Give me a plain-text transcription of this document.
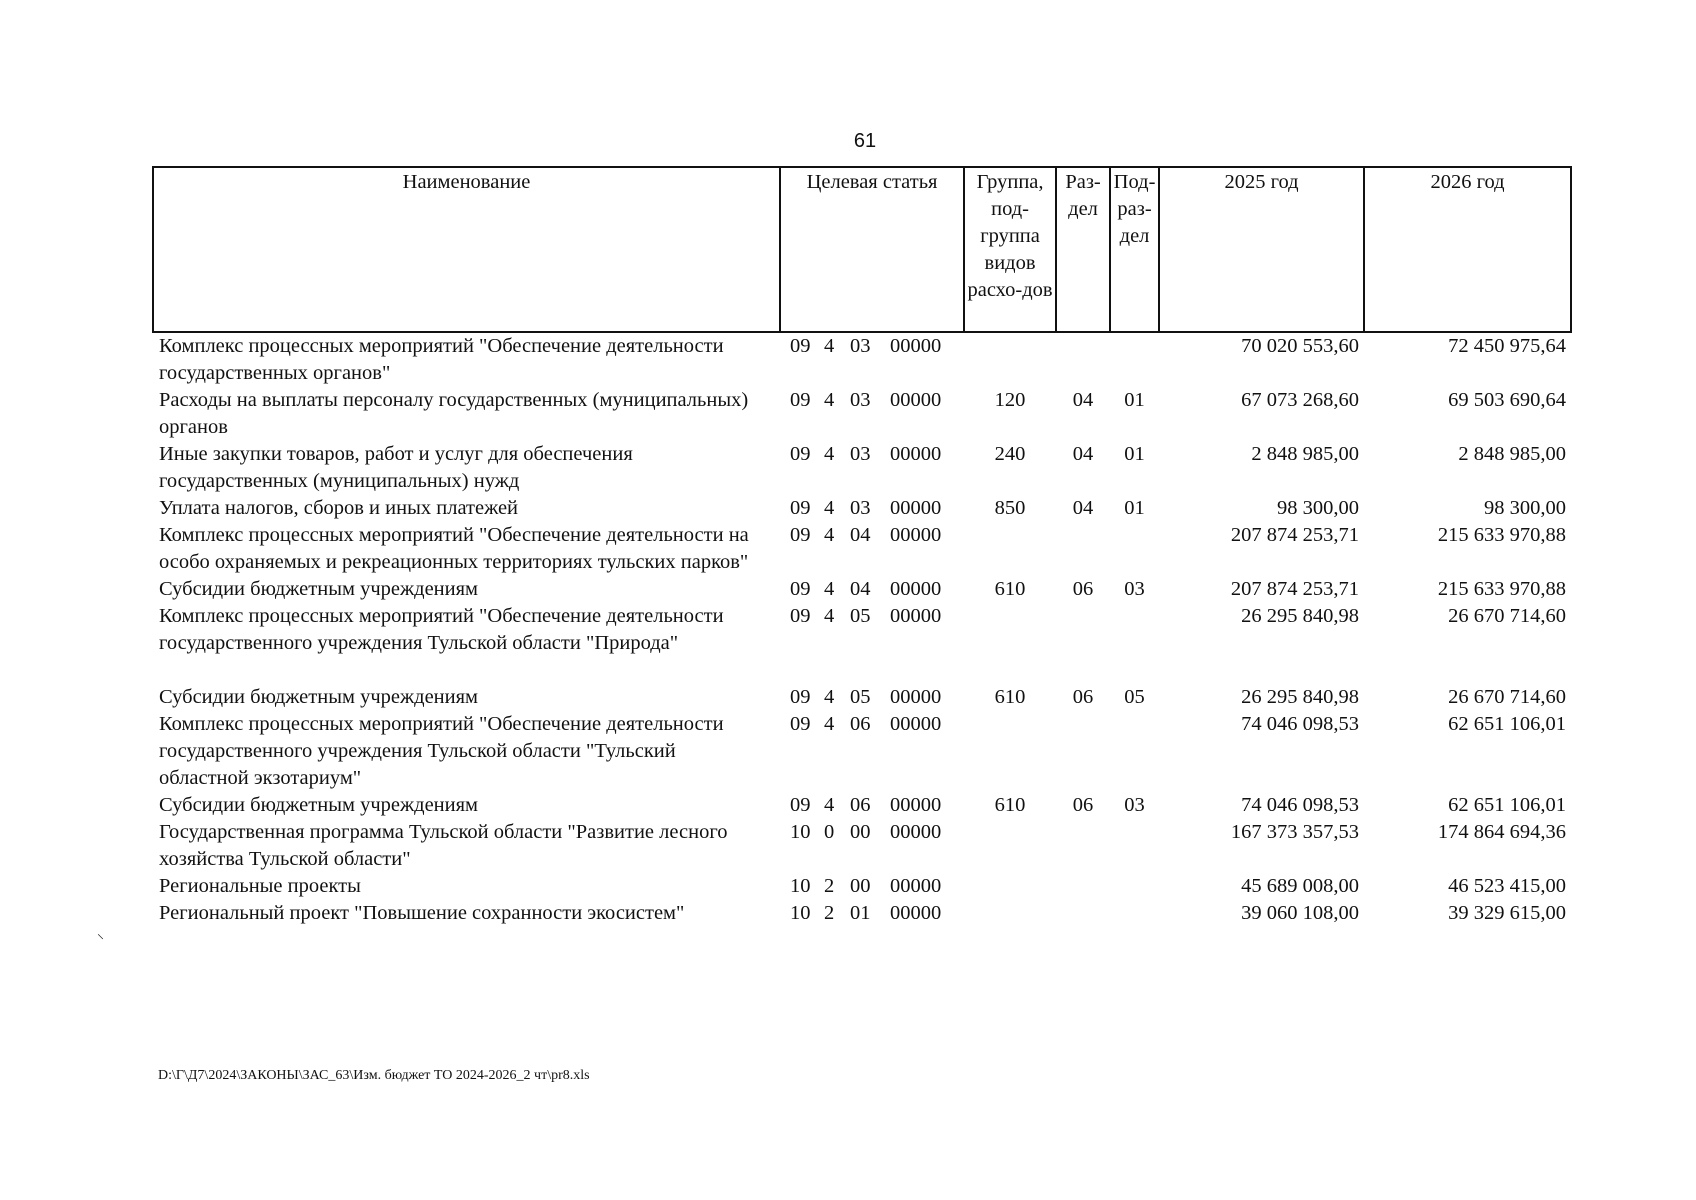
61
Наименование	Целевая статья				Группа, под-группа видов расхо-дов	Раз-дел	Под-раз-дел	2025 год	2026 год
Комплекс процессных мероприятий "Обеспечение деятельности государственных органов"	09	4	03	00000				70 020 553,60	72 450 975,64
Расходы на выплаты персоналу государственных (муниципальных) органов	09	4	03	00000	120	04	01	67 073 268,60	69 503 690,64
Иные закупки товаров, работ и услуг для обеспечения государственных (муниципальных) нужд	09	4	03	00000	240	04	01	2 848 985,00	2 848 985,00
Уплата налогов, сборов и иных платежей	09	4	03	00000	850	04	01	98 300,00	98 300,00
Комплекс процессных мероприятий "Обеспечение деятельности на особо охраняемых и рекреационных территориях тульских парков"	09	4	04	00000				207 874 253,71	215 633 970,88
Субсидии бюджетным учреждениям	09	4	04	00000	610	06	03	207 874 253,71	215 633 970,88
Комплекс процессных мероприятий "Обеспечение деятельности государственного учреждения Тульской области "Природа"	09	4	05	00000				26 295 840,98	26 670 714,60
Субсидии бюджетным учреждениям	09	4	05	00000	610	06	05	26 295 840,98	26 670 714,60
Комплекс процессных мероприятий "Обеспечение деятельности государственного учреждения Тульской области "Тульский областной экзотариум"	09	4	06	00000				74 046 098,53	62 651 106,01
Субсидии бюджетным учреждениям	09	4	06	00000	610	06	03	74 046 098,53	62 651 106,01
Государственная программа Тульской области "Развитие лесного хозяйства Тульской области"	10	0	00	00000				167 373 357,53	174 864 694,36
Региональные проекты	10	2	00	00000				45 689 008,00	46 523 415,00
Региональный проект "Повышение сохранности экосистем"	10	2	01	00000				39 060 108,00	39 329 615,00
D:\Г\Д7\2024\ЗАКОНЫ\ЗАС_63\Изм. бюджет ТО 2024-2026_2 чт\pr8.xls
⸌
